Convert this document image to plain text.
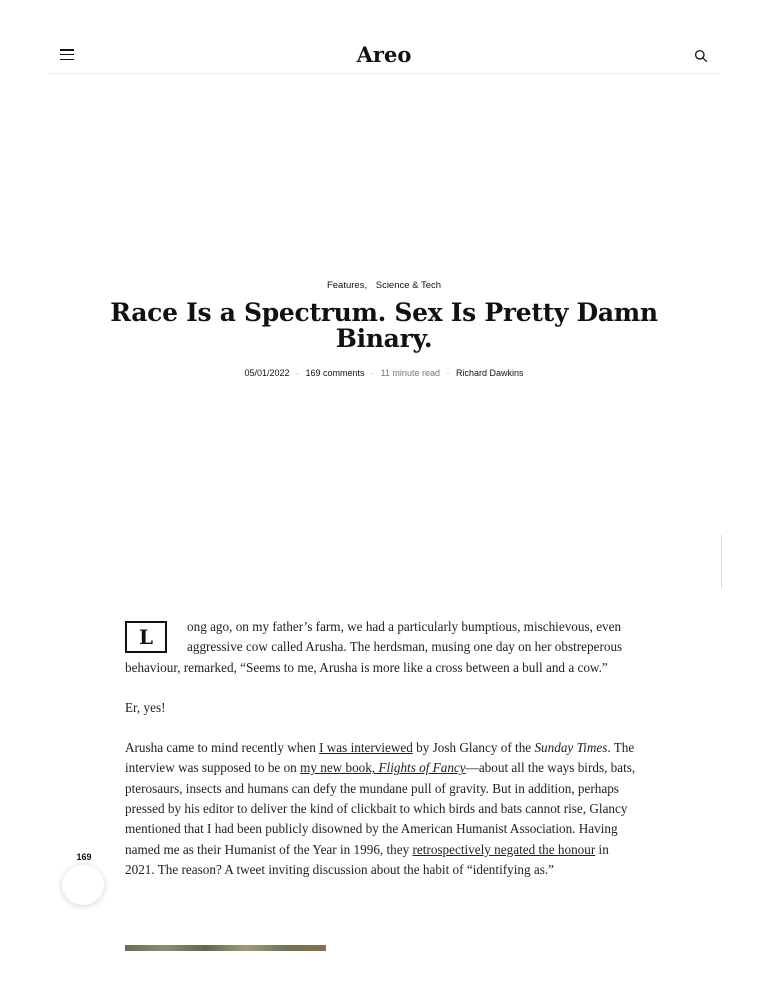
Areo
Features, Science & Tech
Race Is a Spectrum. Sex Is Pretty Damn Binary.
05/01/2022 · 169 comments · 11 minute read · Richard Dawkins

L	ong ago, on my father’s farm, we had a particularly bumptious, mischievous, even aggressive cow called Arusha. The herdsman, musing one day on her obstreperous behaviour, remarked, “Seems to me, Arusha is more like a cross between a bull and a cow.”

Er, yes!

Arusha came to mind recently when I was interviewed by Josh Glancy of the Sunday Times. The interview was supposed to be on my new book, Flights of Fancy—about all the ways birds, bats, pterosaurs, insects and humans can defy the mundane pull of gravity. But in addition, perhaps pressed by his editor to deliver the kind of clickbait to which birds and bats cannot rise, Glancy mentioned that I had been publicly disowned by the American Humanist Association. Having named me as their Humanist of the Year in 1996, they retrospectively negated the honour in 2021. The reason? A tweet inviting discussion about the habit of “identifying as.”

169
